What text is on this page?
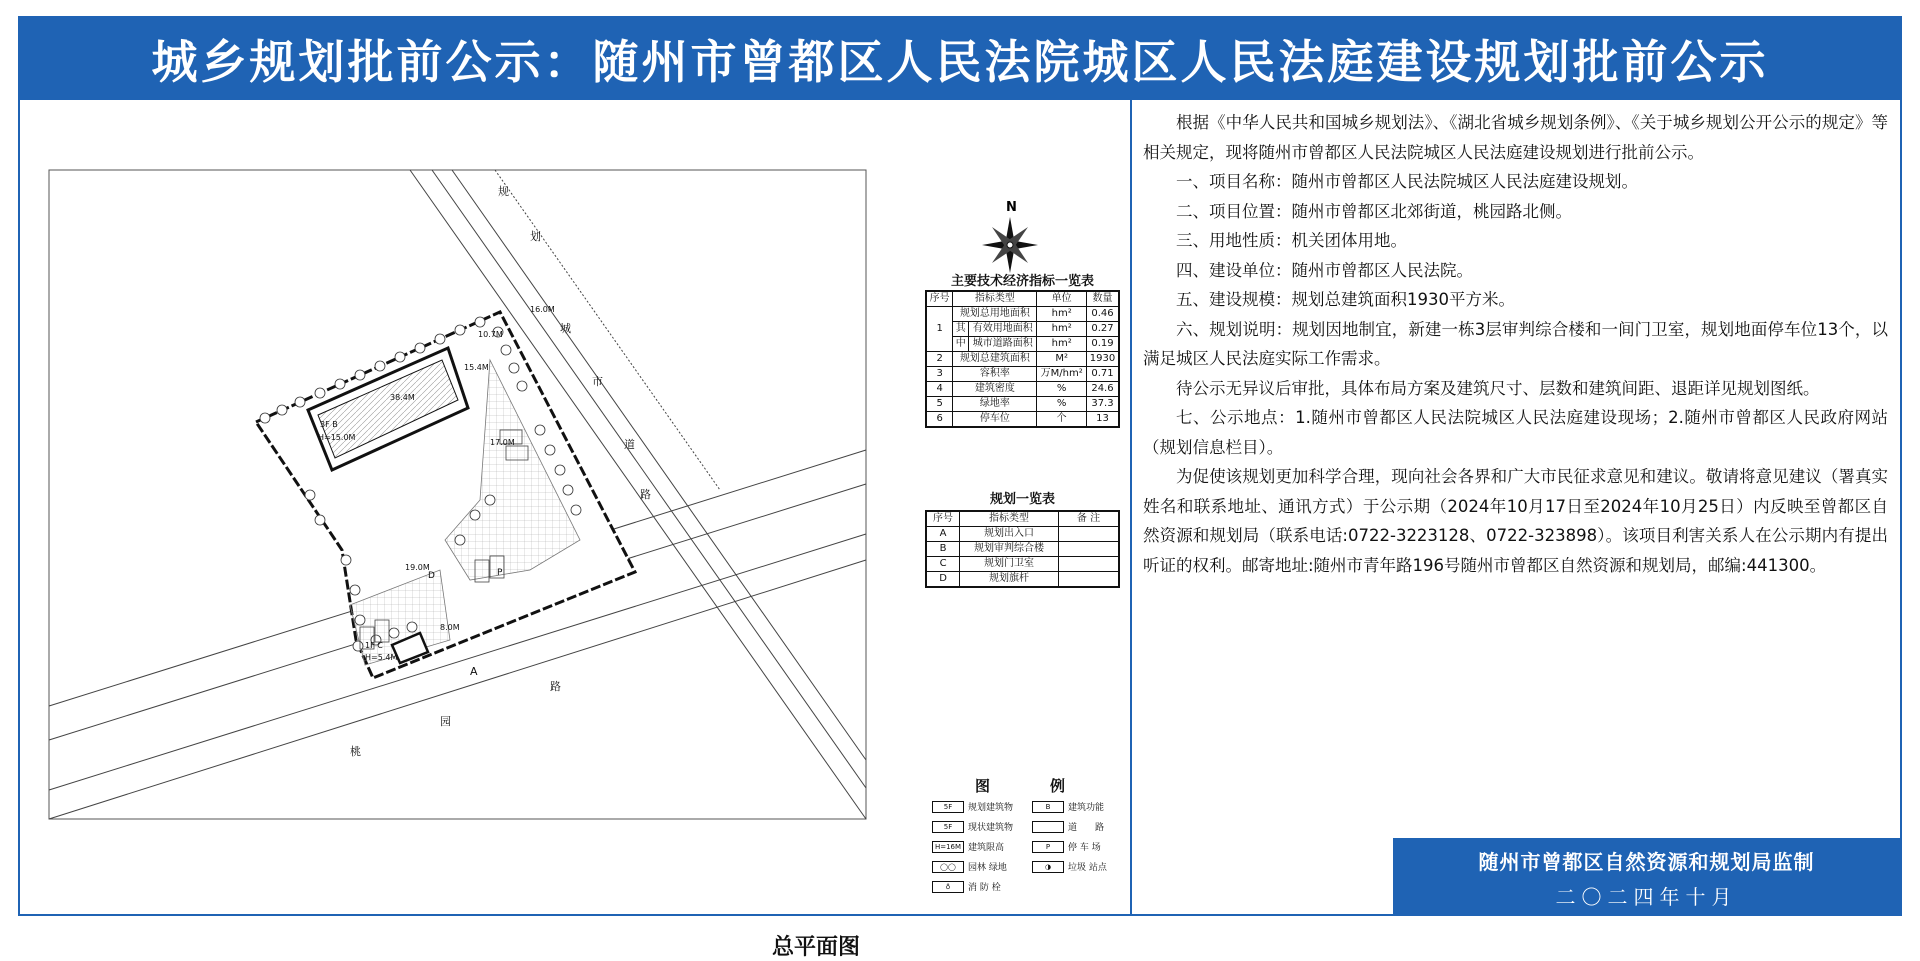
城乡规划批前公示：随州市曾都区人民法院城区人民法庭建设规划批前公示
3F B
H=15.0M
38.4M
15.4M
1F C
H=5.4M
10.7M
16.0M
17.0M
8.0M
19.0M
A
D	P
规
划
城
市
道
路
桃
园
路
N
主要技术经济指标一览表
序号	指标类型		单位	数量
1	规划总用地面积		hm²	0.46
	其	有效用地面积	hm²	0.27
	中	城市道路面积	hm²	0.19
2	规划总建筑面积		M²	1930
3	容积率		万M/hm²	0.71
4	建筑密度		%	24.6
5	绿地率		%	37.3
6	停车位		个	13
规划一览表
序号	指标类型	备 注
A	规划出入口	
B	规划审判综合楼	
C	规划门卫室	
D	规划旗杆	
图例
5F	规划建筑物	B	建筑功能
5F	现状建筑物	道　　路
H=16M 建筑限高	P	停 车 场
◯◯	园林 绿地	◑	垃圾 站点
♁	消 防 栓
总平面图

根据《中华人民共和国城乡规划法》、《湖北省城乡规划条例》、《关于城乡规划公开公示的规定》等相关规定，现将随州市曾都区人民法院城区人民法庭建设规划进行批前公示。

一、项目名称：随州市曾都区人民法院城区人民法庭建设规划。

二、项目位置：随州市曾都区北郊街道，桃园路北侧。

三、用地性质：机关团体用地。

四、建设单位：随州市曾都区人民法院。

五、建设规模：规划总建筑面积1930平方米。

六、规划说明：规划因地制宜，新建一栋3层审判综合楼和一间门卫室，规划地面停车位13个，以满足城区人民法庭实际工作需求。

待公示无异议后审批，具体布局方案及建筑尺寸、层数和建筑间距、退距详见规划图纸。

七、公示地点：1.随州市曾都区人民法院城区人民法庭建设现场；2.随州市曾都区人民政府网站（规划信息栏目）。

为促使该规划更加科学合理，现向社会各界和广大市民征求意见和建议。敬请将意见建议（署真实姓名和联系地址、通讯方式）于公示期（2024年10月17日至2024年10月25日）内反映至曾都区自然资源和规划局（联系电话:0722-3223128、0722-323898）。该项目利害关系人在公示期内有提出听证的权利。邮寄地址:随州市青年路196号随州市曾都区自然资源和规划局，邮编:441300。

随州市曾都区自然资源和规划局监制
二〇二四年十月
